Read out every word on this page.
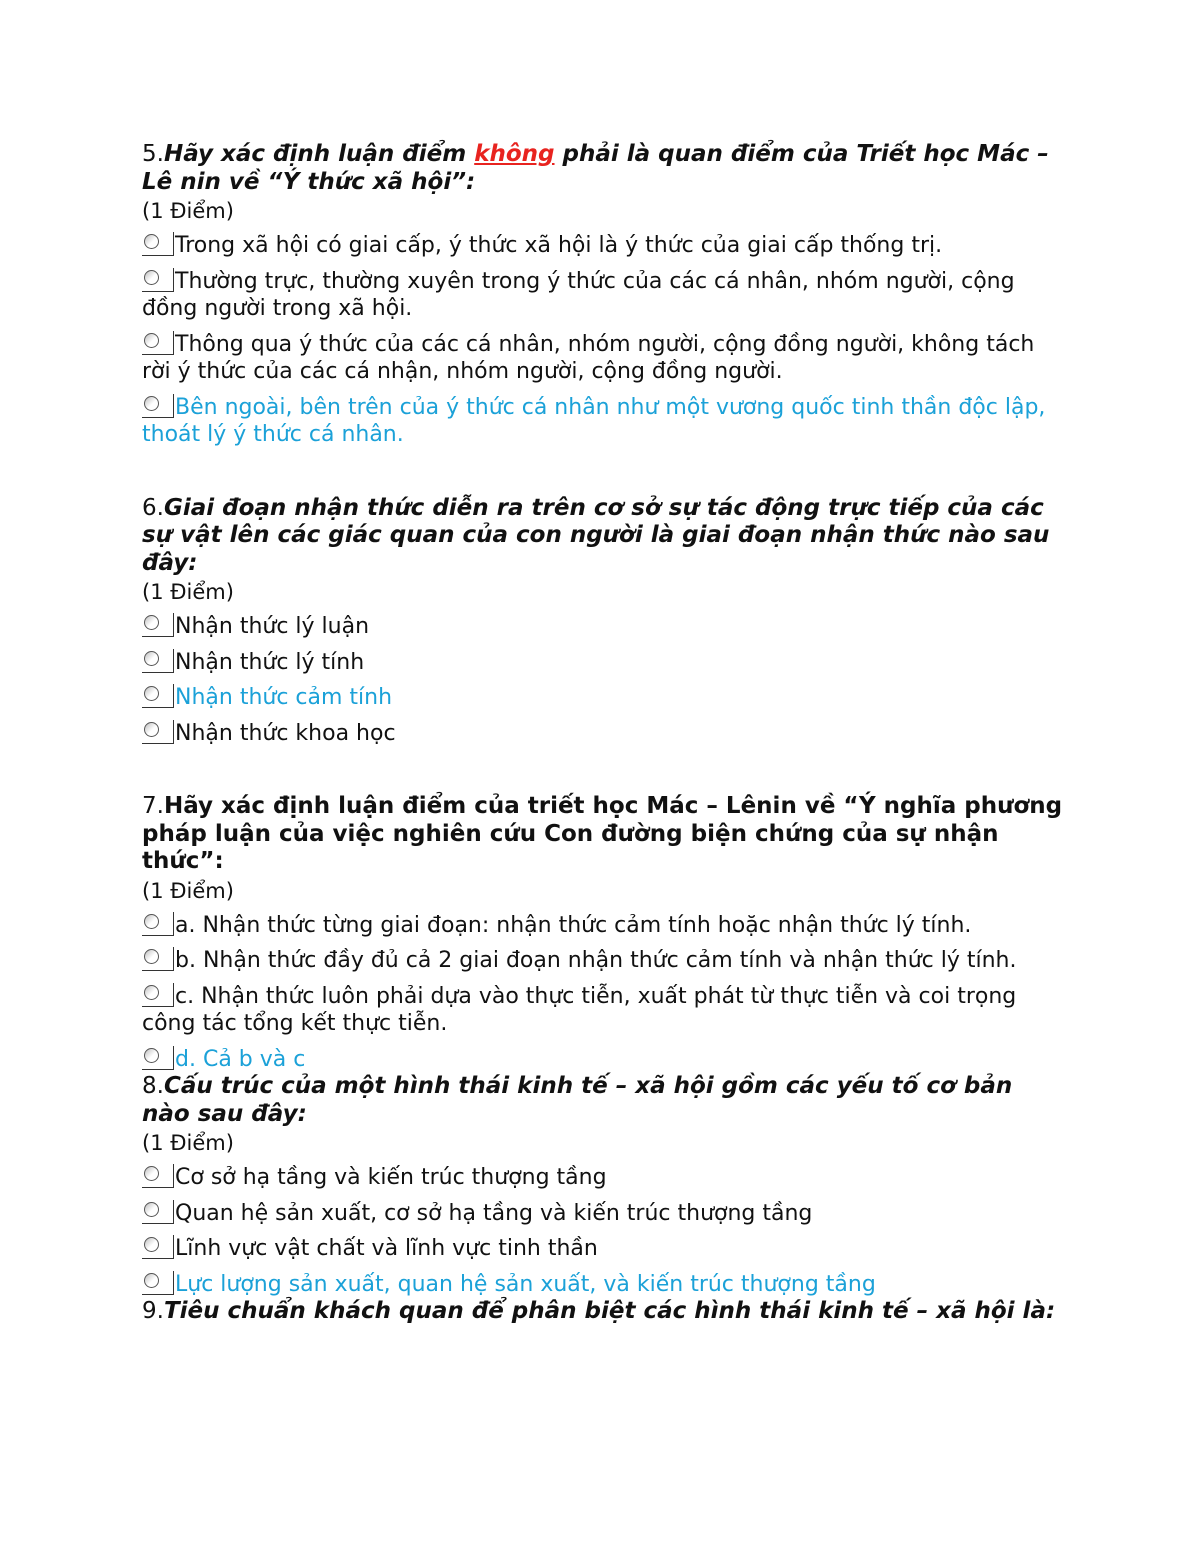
5.Hãy xác định luận điểm không phải là quan điểm của Triết học Mác – Lê nin về “Ý thức xã hội”:
(1 Điểm)
Trong xã hội có giai cấp, ý thức xã hội là ý thức của giai cấp thống trị.
Thường trực, thường xuyên trong ý thức của các cá nhân, nhóm người, cộng đồng người trong xã hội.
Thông qua ý thức của các cá nhân, nhóm người, cộng đồng người, không tách rời ý thức của các cá nhận, nhóm người, cộng đồng người.
Bên ngoài, bên trên của ý thức cá nhân như một vương quốc tinh thần độc lập, thoát lý ý thức cá nhân.
6.Giai đoạn nhận thức diễn ra trên cơ sở sự tác động trực tiếp của các sự vật lên các giác quan của con người là giai đoạn nhận thức nào sau đây:
(1 Điểm)
Nhận thức lý luận
Nhận thức lý tính
Nhận thức cảm tính
Nhận thức khoa học
7.Hãy xác định luận điểm của triết học Mác – Lênin về “Ý nghĩa phương pháp luận của việc nghiên cứu Con đường biện chứng của sự nhận thức”:
(1 Điểm)
a. Nhận thức từng giai đoạn: nhận thức cảm tính hoặc nhận thức lý tính.
b. Nhận thức đầy đủ cả 2 giai đoạn nhận thức cảm tính và nhận thức lý tính.
c. Nhận thức luôn phải dựa vào thực tiễn, xuất phát từ thực tiễn và coi trọng công tác tổng kết thực tiễn.
d. Cả b và c
8.Cấu trúc của một hình thái kinh tế – xã hội gồm các yếu tố cơ bản nào sau đây:
(1 Điểm)
Cơ sở hạ tầng và kiến trúc thượng tầng
Quan hệ sản xuất, cơ sở hạ tầng và kiến trúc thượng tầng
Lĩnh vực vật chất và lĩnh vực tinh thần
Lực lượng sản xuất, quan hệ sản xuất, và kiến trúc thượng tầng
9.Tiêu chuẩn khách quan để phân biệt các hình thái kinh tế – xã hội là:
